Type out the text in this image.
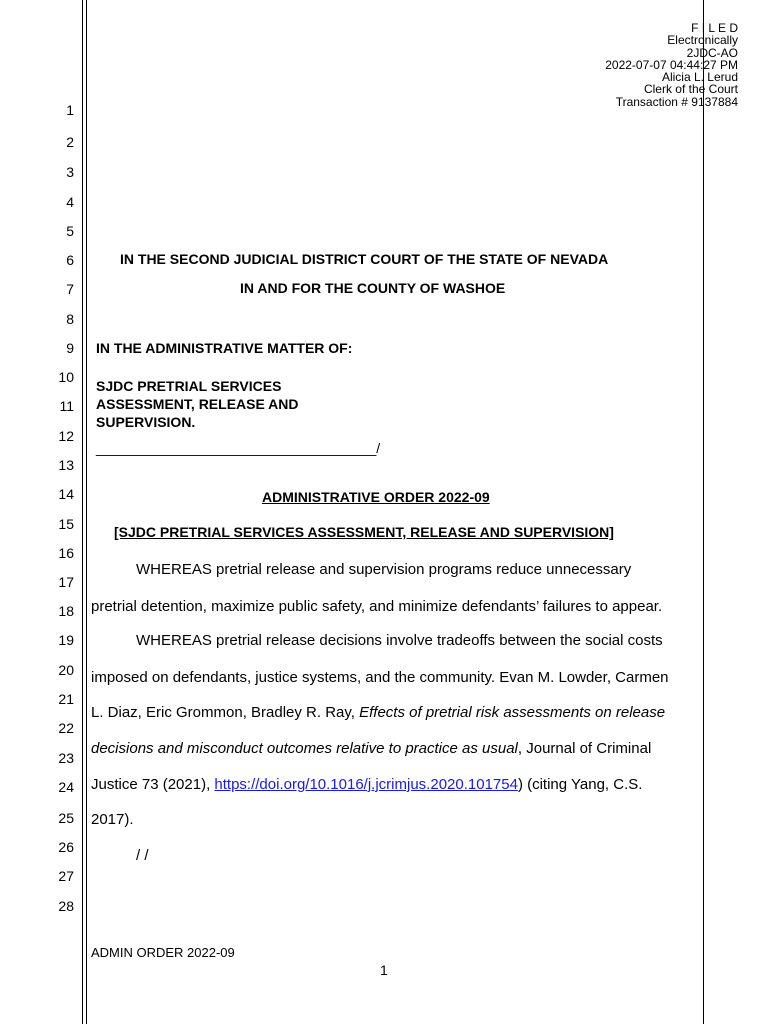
F I L E D
Electronically
2JDC-AO
2022-07-07 04:44:27 PM
Alicia L. Lerud
Clerk of the Court
Transaction # 9137884
1
2
3
4
5
6
7
8
9
10
11
12
13
14
15
16
17
18
19
20
21
22
23
24
25
26
27
28
IN THE SECOND JUDICIAL DISTRICT COURT OF THE STATE OF NEVADA
IN AND FOR THE COUNTY OF WASHOE
IN THE ADMINISTRATIVE MATTER OF:
SJDC PRETRIAL SERVICES
ASSESSMENT, RELEASE AND
SUPERVISION.
____________________________________/
ADMINISTRATIVE ORDER 2022-09
[SJDC PRETRIAL SERVICES ASSESSMENT, RELEASE AND SUPERVISION]
WHEREAS pretrial release and supervision programs reduce unnecessary
pretrial detention, maximize public safety, and minimize defendants’ failures to appear.
WHEREAS pretrial release decisions involve tradeoffs between the social costs
imposed on defendants, justice systems, and the community. Evan M. Lowder, Carmen
L. Diaz, Eric Grommon, Bradley R. Ray, Effects of pretrial risk assessments on release
decisions and misconduct outcomes relative to practice as usual, Journal of Criminal
Justice 73 (2021), https://doi.org/10.1016/j.jcrimjus.2020.101754) (citing Yang, C.S.
2017).
/ /
ADMIN ORDER 2022-09
1
